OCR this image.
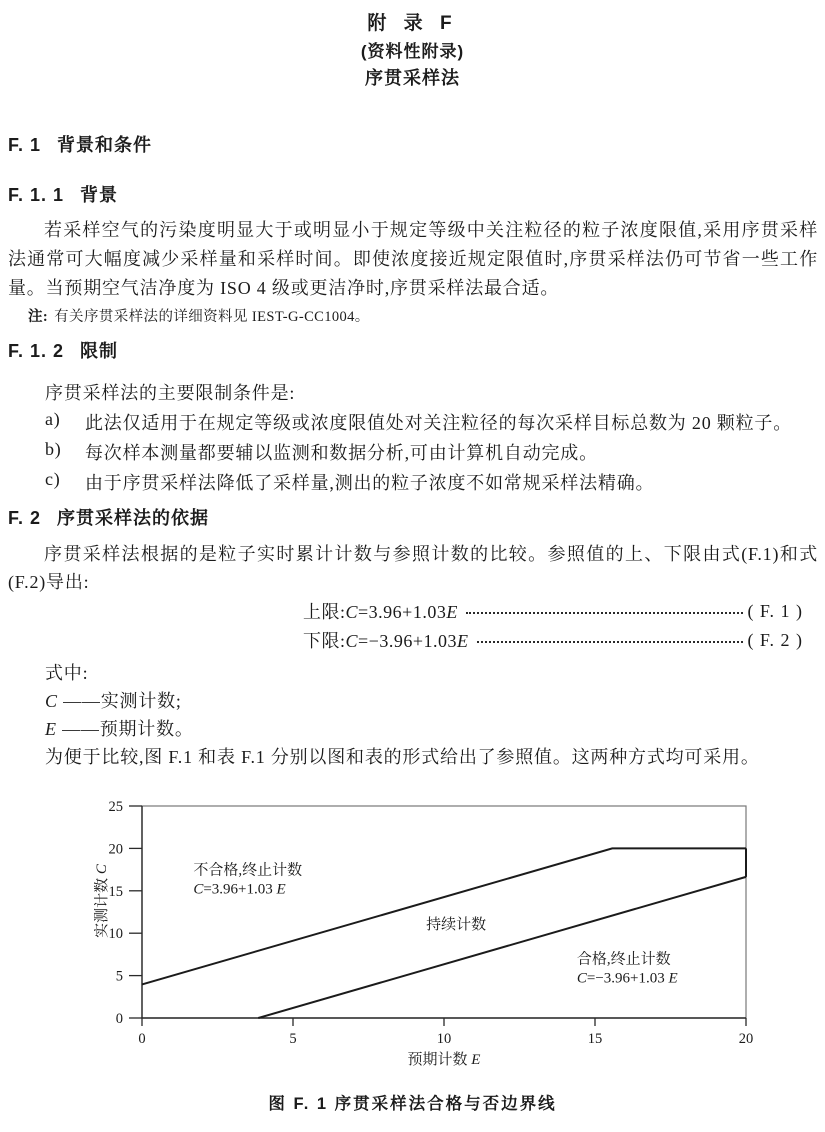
附 录 F
(资料性附录)
序贯采样法
F. 1 背景和条件
F. 1. 1 背景
若采样空气的污染度明显大于或明显小于规定等级中关注粒径的粒子浓度限值,采用序贯采样法通常可大幅度减少采样量和采样时间。即使浓度接近规定限值时,序贯采样法仍可节省一些工作量。当预期空气洁净度为 ISO 4 级或更洁净时,序贯采样法最合适。
注: 有关序贯采样法的详细资料见 IEST-G-CC1004。
F. 1. 2 限制
序贯采样法的主要限制条件是:
a)	此法仅适用于在规定等级或浓度限值处对关注粒径的每次采样目标总数为 20 颗粒子。
b)	每次样本测量都要辅以监测和数据分析,可由计算机自动完成。
c)	由于序贯采样法降低了采样量,测出的粒子浓度不如常规采样法精确。
F. 2 序贯采样法的依据
序贯采样法根据的是粒子实时累计计数与参照计数的比较。参照值的上、下限由式(F.1)和式(F.2)导出:
上限:C=3.96+1.03E	( F. 1 )
下限:C=−3.96+1.03E	( F. 2 )
式中:
C ——实测计数;
E ——预期计数。
为便于比较,图 F.1 和表 F.1 分别以图和表的形式给出了参照值。这两种方式均可采用。
0
5
10
15
20
25
0	5	10	15	20
不合格,终止计数
C=3.96+1.03 E
持续计数
合格,终止计数
C=−3.96+1.03 E
预期计数 E
实测计数 C
图 F. 1 序贯采样法合格与否边界线
